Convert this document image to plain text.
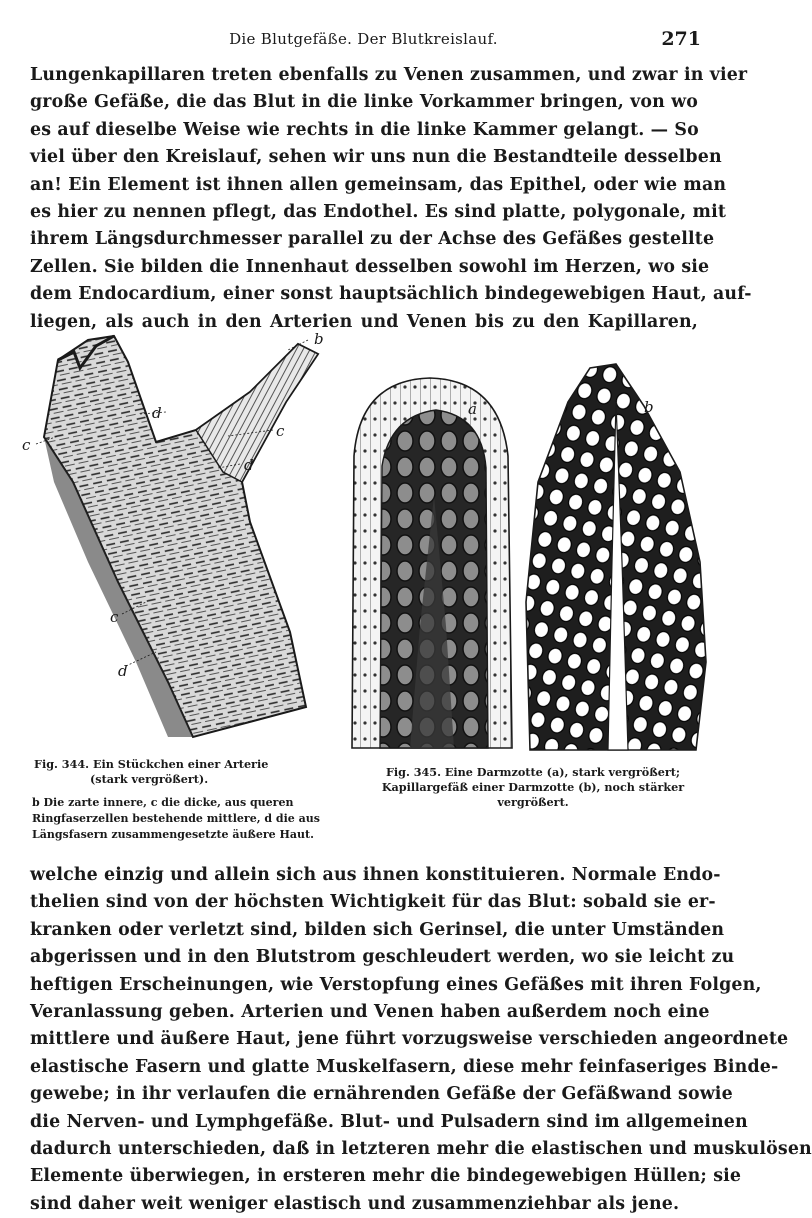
Die Blutgefäße. Der Blutkreislauf.	271
Lungenkapillaren treten ebenfalls zu Venen zusammen, und zwar in vier
große Gefäße, die das Blut in die linke Vorkammer bringen, von wo
es auf dieselbe Weise wie rechts in die linke Kammer gelangt. — So
viel über den Kreislauf, sehen wir uns nun die Bestandteile desselben
an! Ein Element ist ihnen allen gemeinsam, das Epithel, oder wie man
es hier zu nennen pflegt, das Endothel. Es sind platte, polygonale, mit
ihrem Längsdurchmesser parallel zu der Achse des Gefäßes gestellte
Zellen. Sie bilden die Innenhaut desselben sowohl im Herzen, wo sie
dem Endocardium, einer sonst hauptsächlich bindegewebigen Haut, auf-
liegen, als auch in den Arterien und Venen bis zu den Kapillaren,
b
c
c
c
d
d
d
a	b
Fig. 344. Ein Stückchen einer Arterie
(stark vergrößert).
b Die zarte innere, c die dicke, aus queren
Ringfaserzellen bestehende mittlere, d die aus
Längsfasern zusammengesetzte äußere Haut.
Fig. 345. Eine Darmzotte (a), stark vergrößert;
Kapillargefäß einer Darmzotte (b), noch stärker
vergrößert.
welche einzig und allein sich aus ihnen konstituieren. Normale Endo-
thelien sind von der höchsten Wichtigkeit für das Blut: sobald sie er-
kranken oder verletzt sind, bilden sich Gerinsel, die unter Umständen
abgerissen und in den Blutstrom geschleudert werden, wo sie leicht zu
heftigen Erscheinungen, wie Verstopfung eines Gefäßes mit ihren Folgen,
Veranlassung geben. Arterien und Venen haben außerdem noch eine
mittlere und äußere Haut, jene führt vorzugsweise verschieden angeordnete
elastische Fasern und glatte Muskelfasern, diese mehr feinfaseriges Binde-
gewebe; in ihr verlaufen die ernährenden Gefäße der Gefäßwand sowie
die Nerven- und Lymphgefäße. Blut- und Pulsadern sind im allgemeinen
dadurch unterschieden, daß in letzteren mehr die elastischen und muskulösen
Elemente überwiegen, in ersteren mehr die bindegewebigen Hüllen; sie
sind daher weit weniger elastisch und zusammenziehbar als jene.
